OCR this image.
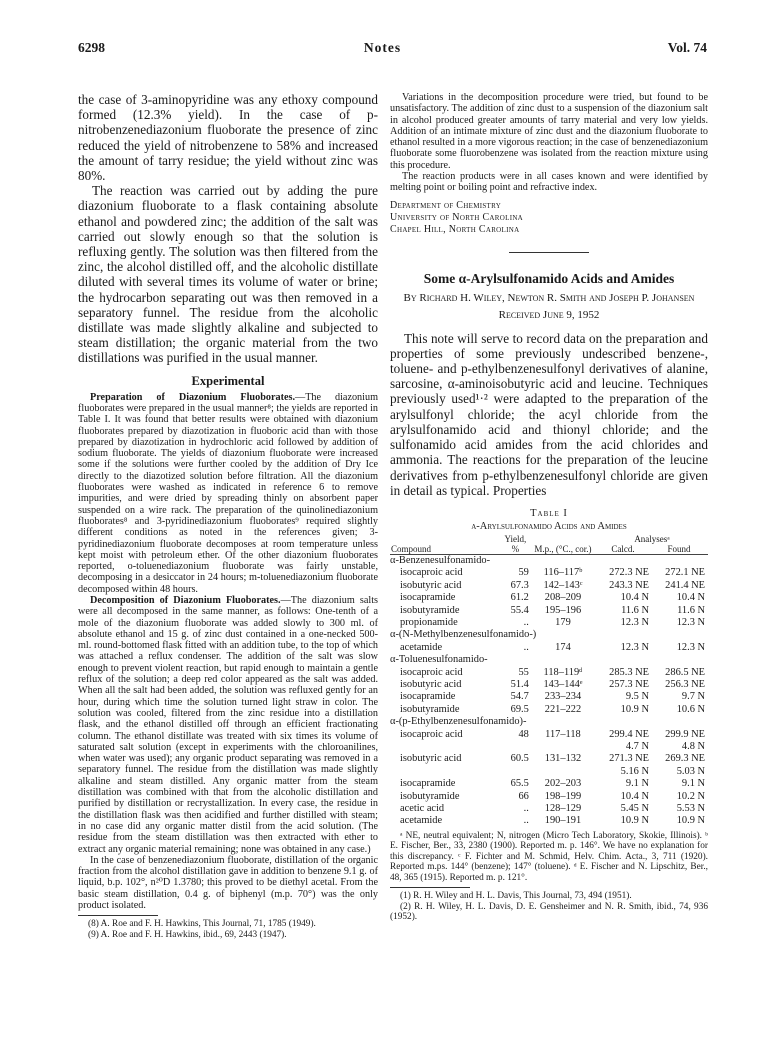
6298	Notes	Vol. 74

the case of 3-aminopyridine was any ethoxy compound formed (12.3% yield). In the case of p-nitrobenzenediazonium fluoborate the presence of zinc reduced the yield of nitrobenzene to 58% and increased the amount of tarry residue; the yield without zinc was 80%.

The reaction was carried out by adding the pure diazonium fluoborate to a flask containing absolute ethanol and powdered zinc; the addition of the salt was carried out slowly enough so that the solution is refluxing gently. The solution was then filtered from the zinc, the alcohol distilled off, and the alcoholic distillate diluted with several times its volume of water or brine; the hydrocarbon separating out was then removed in a separatory funnel. The residue from the alcoholic distillate was made slightly alkaline and subjected to steam distillation; the organic material from the two distillations was purified in the usual manner.

Experimental

Preparation of Diazonium Fluoborates.—The diazonium fluoborates were prepared in the usual manner⁸; the yields are reported in Table I. It was found that better results were obtained with diazonium fluoborates prepared by diazotization in fluoboric acid than with those prepared by diazotization in hydrochloric acid followed by addition of sodium fluoborate. The yields of diazonium fluoborate were increased some if the solutions were further cooled by the addition of Dry Ice directly to the diazotized solution before filtration. All the diazonium fluoborates were washed as indicated in reference 6 to remove impurities, and were dried by spreading thinly on absorbent paper suspended on a wire rack. The preparation of the quinolinediazonium fluoborates⁸ and 3-pyridinediazonium fluoborates⁹ required slightly different conditions as noted in the references given; 3-pyridinediazonium fluoborate decomposes at room temperature unless kept moist with petroleum ether. Of the other diazonium fluoborates reported, o-toluenediazonium fluoborate was fairly unstable, decomposing in a desiccator in 24 hours; m-toluenediazonium fluoborate decomposed within 48 hours.

Decomposition of Diazonium Fluoborates.—The diazonium salts were all decomposed in the same manner, as follows: One-tenth of a mole of the diazonium fluoborate was added slowly to 300 ml. of absolute ethanol and 15 g. of zinc dust contained in a one-necked 500-ml. round-bottomed flask fitted with an addition tube, to the top of which was attached a reflux condenser. The addition of the salt was slow enough to prevent violent reaction, but rapid enough to maintain a gentle reflux of the solution; a deep red color appeared as the salt was added. When all the salt had been added, the solution was refluxed gently for an hour, during which time the solution turned light straw in color. The solution was cooled, filtered from the zinc residue into a distillation flask, and the ethanol distilled off through an efficient fractionating column. The ethanol distillate was treated with six times its volume of saturated salt solution (except in experiments with the chloroanilines, when water was used); any organic product separating was removed in a separatory funnel. The residue from the distillation was made slightly alkaline and steam distilled. Any organic matter from the steam distillation was combined with that from the alcoholic distillation and purified by distillation or recrystallization. In every case, the residue in the distillation flask was then acidified and further distilled with steam; in no case did any organic matter distil from the acid solution. (The residue from the steam distillation was then extracted with ether to extract any organic material remaining; none was obtained in any case.)

In the case of benzenediazonium fluoborate, distillation of the organic fraction from the alcohol distillation gave in addition to benzene 9.1 g. of liquid, b.p. 102°, n²⁰D 1.3780; this proved to be diethyl acetal. From the basic steam distillation, 0.4 g. of biphenyl (m.p. 70°) was the only product isolated.

(8) A. Roe and F. H. Hawkins, This Journal, 71, 1785 (1949).

(9) A. Roe and F. H. Hawkins, ibid., 69, 2443 (1947).

Variations in the decomposition procedure were tried, but found to be unsatisfactory. The addition of zinc dust to a suspension of the diazonium salt in alcohol produced greater amounts of tarry material and very low yields. Addition of an intimate mixture of zinc dust and the diazonium fluoborate to ethanol resulted in a more vigorous reaction; in the case of benzenediazonium fluoborate some fluorobenzene was isolated from the reaction mixture using this procedure.

The reaction products were in all cases known and were identified by melting point or boiling point and refractive index.

Department of Chemistry
University of North Carolina
Chapel Hill, North Carolina
Some α-Arylsulfonamido Acids and Amides
By Richard H. Wiley, Newton R. Smith and Joseph P. Johansen
Received June 9, 1952

This note will serve to record data on the preparation and properties of some previously undescribed benzene-, toluene- and p-ethylbenzenesulfonyl derivatives of alanine, sarcosine, α-aminoisobutyric acid and leucine. Techniques previously used¹·² were adapted to the preparation of the arylsulfonyl chloride; the acyl chloride from the arylsulfonamido acid and thionyl chloride; and the sulfonamido acid amides from the acid chlorides and ammonia. The reactions for the preparation of the leucine derivatives from p-ethylbenzenesulfonyl chloride are given in detail as typical. Properties

Table I
α-Arylsulfonamido Acids and Amides
Compound	Yield, %	M.p., (°C., cor.)	Analysesᵃ	
			Calcd.	Found

α-Benzenesulfonamido-				
isocaproic acid	59	116–117ᵇ	272.3 NE	272.1 NE
isobutyric acid	67.3	142–143ᶜ	243.3 NE	241.4 NE
isocapramide	61.2	208–209	10.4 N	10.4 N
isobutyramide	55.4	195–196	11.6 N	11.6 N
propionamide	..	179	12.3 N	12.3 N
α-(N-Methylbenzenesulfonamido-)				
acetamide	..	174	12.3 N	12.3 N
α-Toluenesulfonamido-				
isocaproic acid	55	118–119ᵈ	285.3 NE	286.5 NE
isobutyric acid	51.4	143–144ᵉ	257.3 NE	256.3 NE
isocapramide	54.7	233–234	9.5 N	9.7 N
isobutyramide	69.5	221–222	10.9 N	10.6 N
α-(p-Ethylbenzenesulfonamido)-				
isocaproic acid	48	117–118	299.4 NE	299.9 NE
			4.7 N	4.8 N
isobutyric acid	60.5	131–132	271.3 NE	269.3 NE
			5.16 N	5.03 N
isocapramide	65.5	202–203	9.1 N	9.1 N
isobutyramide	66	198–199	10.4 N	10.2 N
acetic acid	..	128–129	5.45 N	5.53 N
acetamide	..	190–191	10.9 N	10.9 N

ᵃ NE, neutral equivalent; N, nitrogen (Micro Tech Laboratory, Skokie, Illinois). ᵇ E. Fischer, Ber., 33, 2380 (1900). Reported m. p. 146°. We have no explanation for this discrepancy. ᶜ F. Fichter and M. Schmid, Helv. Chim. Acta., 3, 711 (1920). Reported m.ps. 144° (benzene); 147° (toluene). ᵈ E. Fischer and N. Lipschitz, Ber., 48, 365 (1915). Reported m. p. 121°.

(1) R. H. Wiley and H. L. Davis, This Journal, 73, 494 (1951).

(2) R. H. Wiley, H. L. Davis, D. E. Gensheimer and N. R. Smith, ibid., 74, 936 (1952).
